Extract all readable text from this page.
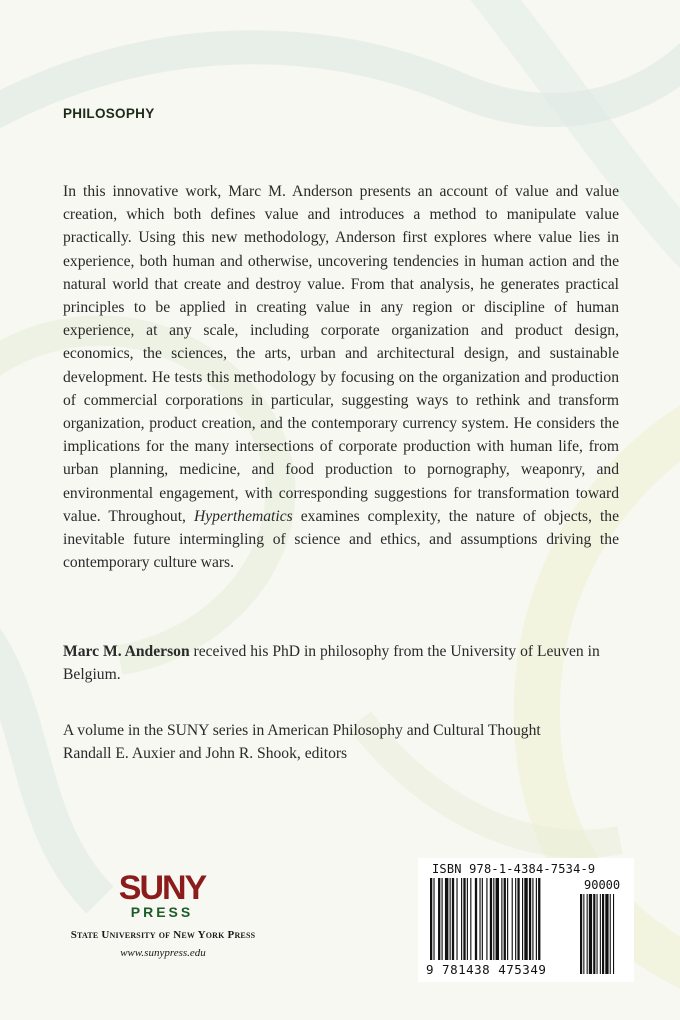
PHILOSOPHY

In this innovative work, Marc M. Anderson presents an account of value and value creation, which both defines value and introduces a method to manipulate value practically. Using this new methodology, Anderson first explores where value lies in experience, both human and otherwise, uncovering tendencies in human action and the natural world that create and destroy value. From that analysis, he generates practical principles to be applied in creating value in any region or discipline of human experience, at any scale, including corporate organization and product design, economics, the sciences, the arts, urban and architectural design, and sustainable development. He tests this methodology by focusing on the organization and production of commercial corporations in particular, suggesting ways to rethink and transform organization, product creation, and the contemporary currency system. He considers the implications for the many intersections of corporate production with human life, from urban planning, medicine, and food production to pornography, weaponry, and environmental engagement, with corresponding suggestions for transformation toward value. Throughout, Hyperthematics examines complexity, the nature of objects, the inevitable future intermingling of science and ethics, and assumptions driving the contemporary culture wars.

Marc M. Anderson received his PhD in philosophy from the University of Leuven in Belgium.

A volume in the SUNY series in American Philosophy and Cultural Thought
Randall E. Auxier and John R. Shook, editors
SUNY
PRESS
State University of New York Press
www.sunypress.edu
ISBN 978-1-4384-7534-9
90000
9 781438 475349
